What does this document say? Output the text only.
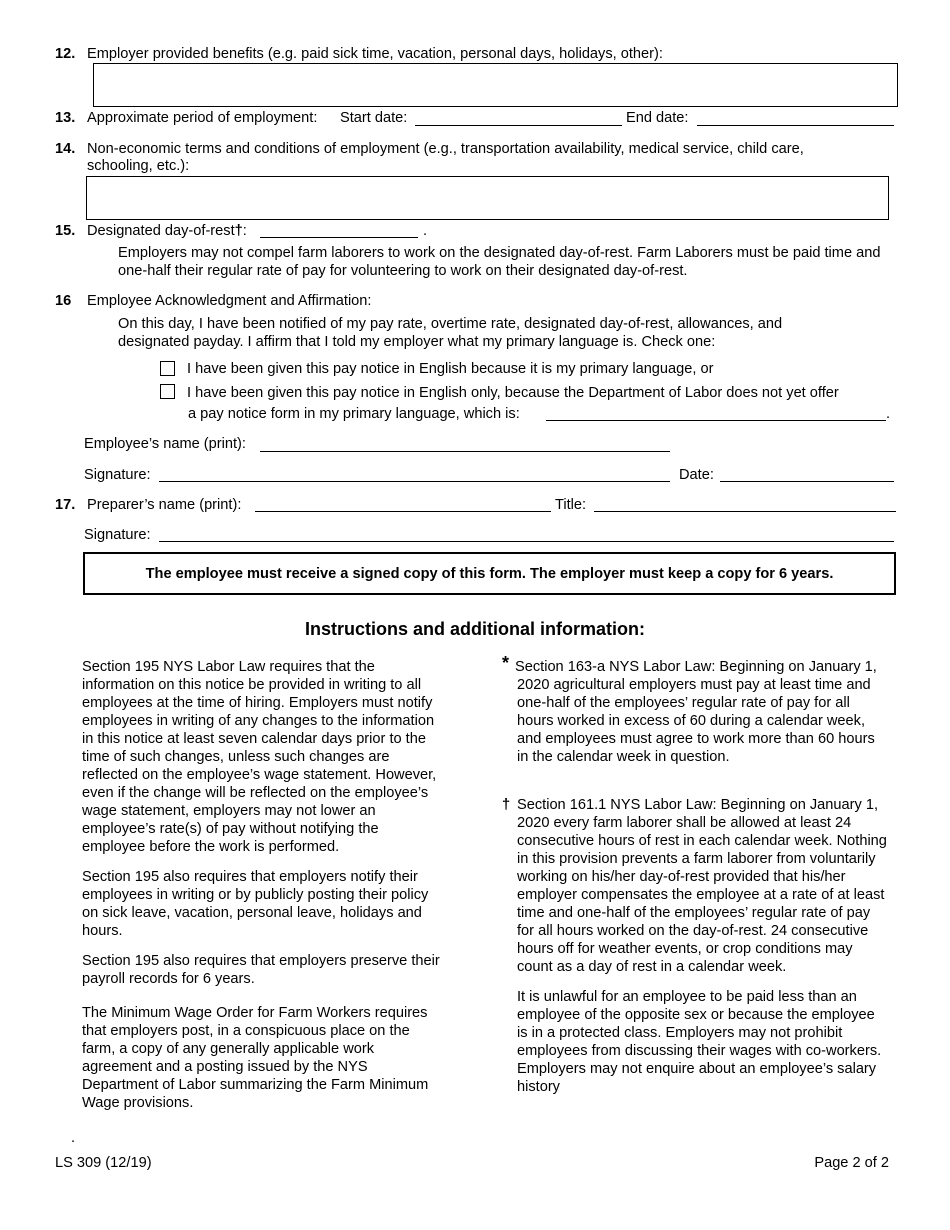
12. Employer provided benefits (e.g. paid sick time, vacation, personal days, holidays, other):
13. Approximate period of employment: Start date:	End date:
14. Non-economic terms and conditions of employment (e.g., transportation availability, medical service, child care,
schooling, etc.):
15. Designated day-of-rest†:	.
Employers may not compel farm laborers to work on the designated day-of-rest. Farm Laborers must be paid time and one-half their regular rate of pay for volunteering to work on their designated day-of-rest.
16 Employee Acknowledgment and Affirmation:
On this day, I have been notified of my pay rate, overtime rate, designated day-of-rest, allowances, and designated payday. I affirm that I told my employer what my primary language is. Check one:
I have been given this pay notice in English because it is my primary language, or
I have been given this pay notice in English only, because the Department of Labor does not yet offer
a pay notice form in my primary language, which is:	.
Employee’s name (print):
Signature:	Date:
17. Preparer’s name (print):	Title:
Signature:
The employee must receive a signed copy of this form. The employer must keep a copy for 6 years.
Instructions and additional information:

Section 195 NYS Labor Law requires that the information on this notice be provided in writing to all employees at the time of hiring. Employers must notify employees in writing of any changes to the information in this notice at least seven calendar days prior to the time of such changes, unless such changes are reflected on the employee’s wage statement. However, even if the change will be reflected on the employee’s wage statement, employers may not lower an employee’s rate(s) of pay without notifying the employee before the work is performed.

Section 195 also requires that employers notify their employees in writing or by publicly posting their policy on sick leave, vacation, personal leave, holidays and hours.

Section 195 also requires that employers preserve their payroll records for 6 years.

The Minimum Wage Order for Farm Workers requires that employers post, in a conspicuous place on the farm, a copy of any generally applicable work agreement and a posting issued by the NYS Department of Labor summarizing the Farm Minimum Wage provisions.

* Section 163-a NYS Labor Law: Beginning on January 1, 2020 agricultural employers must pay at least time and one-half of the employees’ regular rate of pay for all hours worked in excess of 60 during a calendar week, and employees must agree to work more than 60 hours in the calendar week in question.

† Section 161.1 NYS Labor Law: Beginning on January 1, 2020 every farm laborer shall be allowed at least 24 consecutive hours of rest in each calendar week. Nothing in this provision prevents a farm laborer from voluntarily working on his/her day-of-rest provided that his/her employer compensates the employee at a rate of at least time and one-half of the employees’ regular rate of pay for all hours worked on the day-of-rest. 24 consecutive hours off for weather events, or crop conditions may count as a day of rest in a calendar week.

It is unlawful for an employee to be paid less than an employee of the opposite sex or because the employee is in a protected class. Employers may not prohibit employees from discussing their wages with co-workers. Employers may not enquire about an employee’s salary history

.
LS 309 (12/19)	Page 2 of 2
